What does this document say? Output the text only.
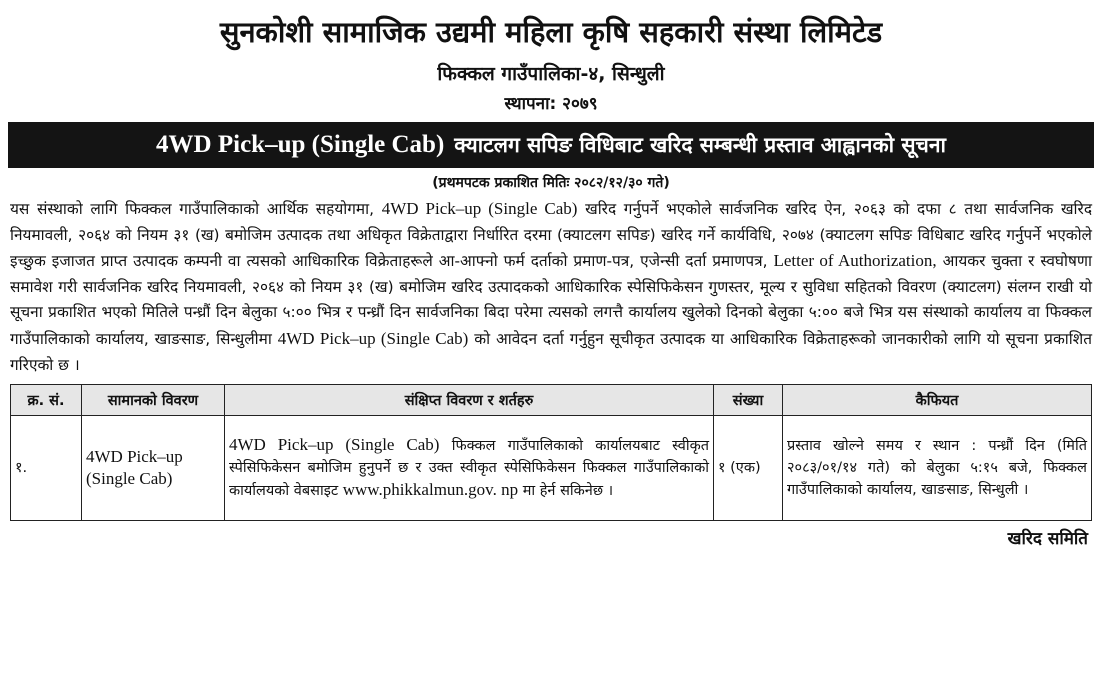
सुनकोशी सामाजिक उद्यमी महिला कृषि सहकारी संस्था लिमिटेड
फिक्कल गाउँपालिका-४, सिन्धुली
स्थापना: २०७९
4WD Pick–up (Single Cab) क्याटलग सपिङ विधिबाट खरिद सम्बन्धी प्रस्ताव आह्वानको सूचना
(प्रथमपटक प्रकाशित मितिः २०८२/१२/३० गते)

यस संस्थाको लागि फिक्कल गाउँपालिकाको आर्थिक सहयोगमा, 4WD Pick–up (Single Cab) खरिद गर्नुपर्ने भएकोले सार्वजनिक खरिद ऐन, २०६३ को दफा ८ तथा सार्वजनिक खरिद नियमावली, २०६४ को नियम ३१ (ख) बमोजिम उत्पादक तथा अधिकृत विक्रेताद्वारा निर्धारित दरमा (क्याटलग सपिङ) खरिद गर्ने कार्यविधि, २०७४ (क्याटलग सपिङ विधिबाट खरिद गर्नुपर्ने भएकोले इच्छुक इजाजत प्राप्त उत्पादक कम्पनी वा त्यसको आधिकारिक विक्रेताहरूले आ-आफ्नो फर्म दर्ताको प्रमाण-पत्र, एजेन्सी दर्ता प्रमाणपत्र, Letter of Authorization, आयकर चुक्ता र स्वघोषणा समावेश गरी सार्वजनिक खरिद नियमावली, २०६४ को नियम ३१ (ख) बमोजिम खरिद उत्पादकको आधिकारिक स्पेसिफिकेसन गुणस्तर, मूल्य र सुविधा सहितको विवरण (क्याटलग) संलग्न राखी यो सूचना प्रकाशित भएको मितिले पन्ध्रौं दिन बेलुका ५:०० भित्र र पन्ध्रौं दिन सार्वजनिका बिदा परेमा त्यसको लगत्तै कार्यालय खुलेको दिनको बेलुका ५:०० बजे भित्र यस संस्थाको कार्यालय वा फिक्कल गाउँपालिकाको कार्यालय, खाङसाङ, सिन्धुलीमा 4WD Pick–up (Single Cab) को आवेदन दर्ता गर्नुहुन सूचीकृत उत्पादक या आधिकारिक विक्रेताहरूको जानकारीको लागि यो सूचना प्रकाशित गरिएको छ ।

क्र. सं.	सामानको विवरण	संक्षिप्त विवरण र शर्तहरु	संख्या	कैफियत
१.	4WD Pick–up (Single Cab)	4WD Pick–up (Single Cab) फिक्कल गाउँपालिकाको कार्यालयबाट स्वीकृत स्पेसिफिकेसन बमोजिम हुनुपर्ने छ र उक्त स्वीकृत स्पेसिफिकेसन फिक्कल गाउँपालिकाको कार्यालयको वेबसाइट www.phikkalmun.gov. np मा हेर्न सकिनेछ ।	१ (एक)	प्रस्ताव खोल्ने समय र स्थान : पन्ध्रौं दिन (मिति २०८३/०१/१४ गते) को बेलुका ५:१५ बजे, फिक्कल गाउँपालिकाको कार्यालय, खाङसाङ, सिन्धुली ।
खरिद समिति
